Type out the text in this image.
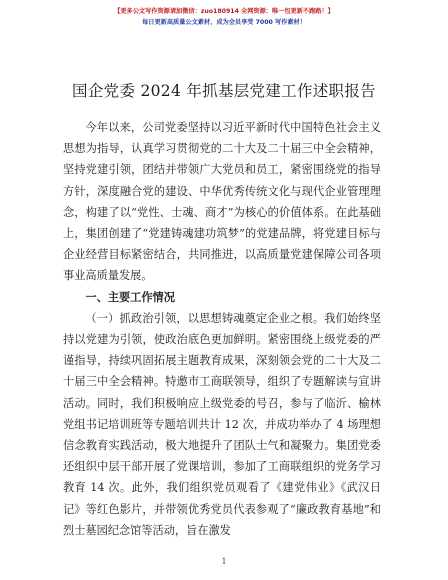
【更多公文写作资源请加微信：zuo180914 全网资源：唯一包更新不跑路！】
每日更新高质量公文素材，成为会员享受 7000 写作素材！
国企党委 2024 年抓基层党建工作述职报告

今年以来，公司党委坚持以习近平新时代中国特色社会主义思想为指导，认真学习贯彻党的二十大及二十届三中全会精神，坚持党建引领，团结并带领广大党员和员工，紧密围绕党的指导方针，深度融合党的建设、中华优秀传统文化与现代企业管理理念，构建了以“党性、士魂、商才”为核心的价值体系。在此基础上，集团创建了“党建铸魂建功筑梦”的党建品牌，将党建目标与企业经营目标紧密结合，共同推进，以高质量党建保障公司各项事业高质量发展。

一、主要工作情况

（一）抓政治引领，以思想铸魂奠定企业之根。我们始终坚持以党建为引领，使政治底色更加鲜明。紧密围绕上级党委的严谨指导，持续巩固拓展主题教育成果，深刻领会党的二十大及二十届三中全会精神。特邀市工商联领导，组织了专题解读与宣讲活动。同时，我们积极响应上级党委的号召，参与了临沂、榆林党组书记培训班等专题培训共计 12 次，并成功举办了 4 场理想信念教育实践活动，极大地提升了团队士气和凝聚力。集团党委还组织中层干部开展了党课培训，参加了工商联组织的党务学习教育 14 次。此外，我们组织党员观看了《建党伟业》《武汉日记》等红色影片，并带领优秀党员代表参观了“廉政教育基地”和烈士墓园纪念馆等活动，旨在激发

1
